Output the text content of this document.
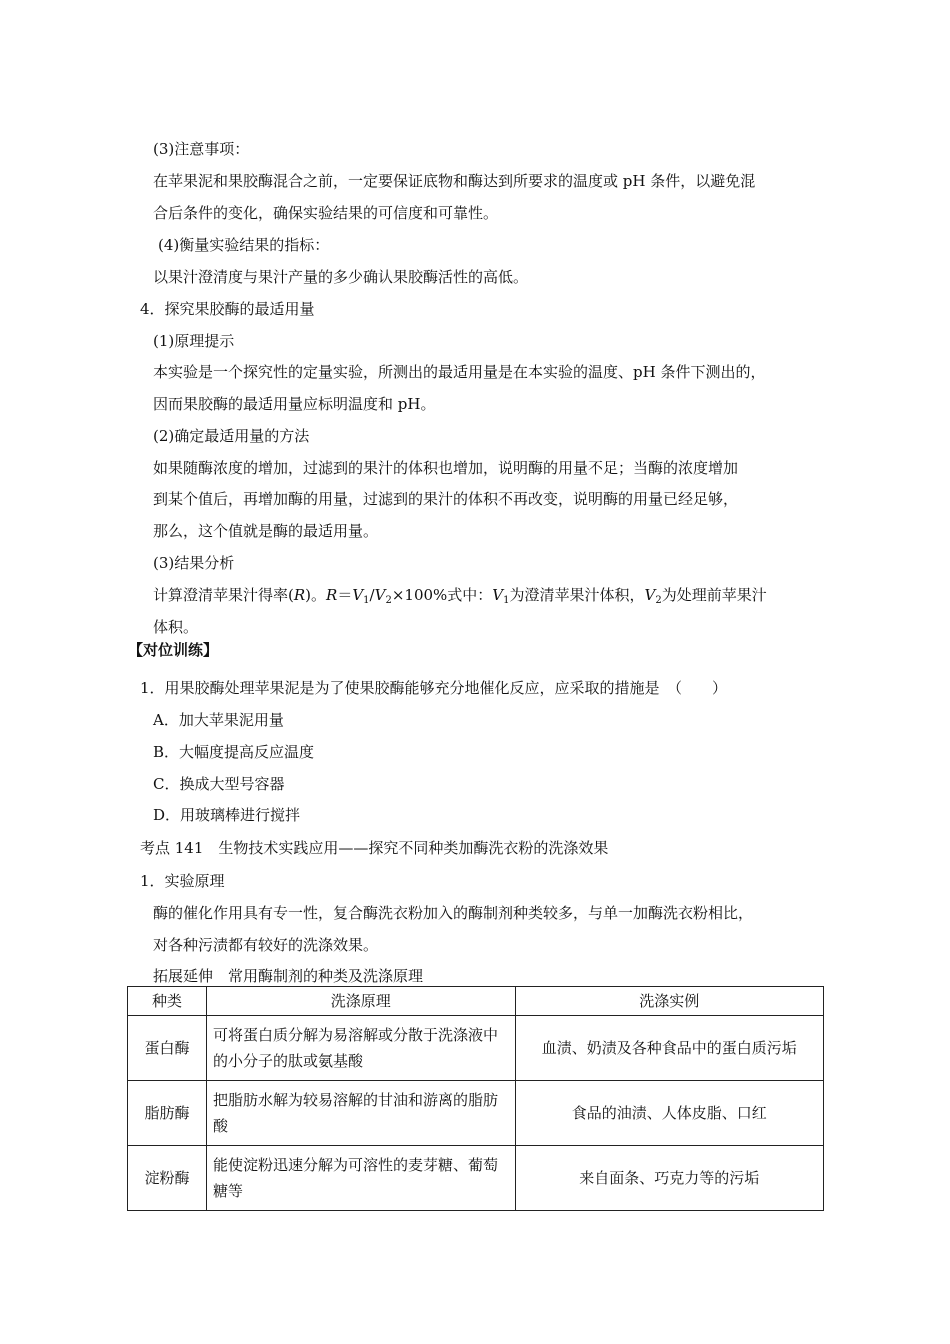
(3)注意事项：
在苹果泥和果胶酶混合之前，一定要保证底物和酶达到所要求的温度或 pH 条件，以避免混
合后条件的变化，确保实验结果的可信度和可靠性。
(4)衡量实验结果的指标：
以果汁澄清度与果汁产量的多少确认果胶酶活性的高低。
4．探究果胶酶的最适用量
(1)原理提示
本实验是一个探究性的定量实验，所测出的最适用量是在本实验的温度、pH 条件下测出的，
因而果胶酶的最适用量应标明温度和 pH。
(2)确定最适用量的方法
如果随酶浓度的增加，过滤到的果汁的体积也增加，说明酶的用量不足；当酶的浓度增加
到某个值后，再增加酶的用量，过滤到的果汁的体积不再改变，说明酶的用量已经足够，
那么，这个值就是酶的最适用量。
(3)结果分析
计算澄清苹果汁得率(R)。$R=V_1/V_2\times 100\%$式中：$V_1$为澄清苹果汁体积，$V_2$为处理前苹果汁
体积。
【对位训练】
1．用果胶酶处理苹果泥是为了使果胶酶能够充分地催化反应，应采取的措施是　（　　）
A．加大苹果泥用量
B．大幅度提高反应温度
C．换成大型号容器
D．用玻璃棒进行搅拌
考点 141　生物技术实践应用——探究不同种类加酶洗衣粉的洗涤效果
1．实验原理
酶的催化作用具有专一性，复合酶洗衣粉加入的酶制剂种类较多，与单一加酶洗衣粉相比，
对各种污渍都有较好的洗涤效果。
拓展延伸　常用酶制剂的种类及洗涤原理
种类	洗涤原理	洗涤实例
蛋白酶	可将蛋白质分解为易溶解或分散于洗涤液中的小分子的肽或氨基酸	血渍、奶渍及各种食品中的蛋白质污垢
脂肪酶	把脂肪水解为较易溶解的甘油和游离的脂肪酸	食品的油渍、人体皮脂、口红
淀粉酶	能使淀粉迅速分解为可溶性的麦芽糖、葡萄糖等	来自面条、巧克力等的污垢
